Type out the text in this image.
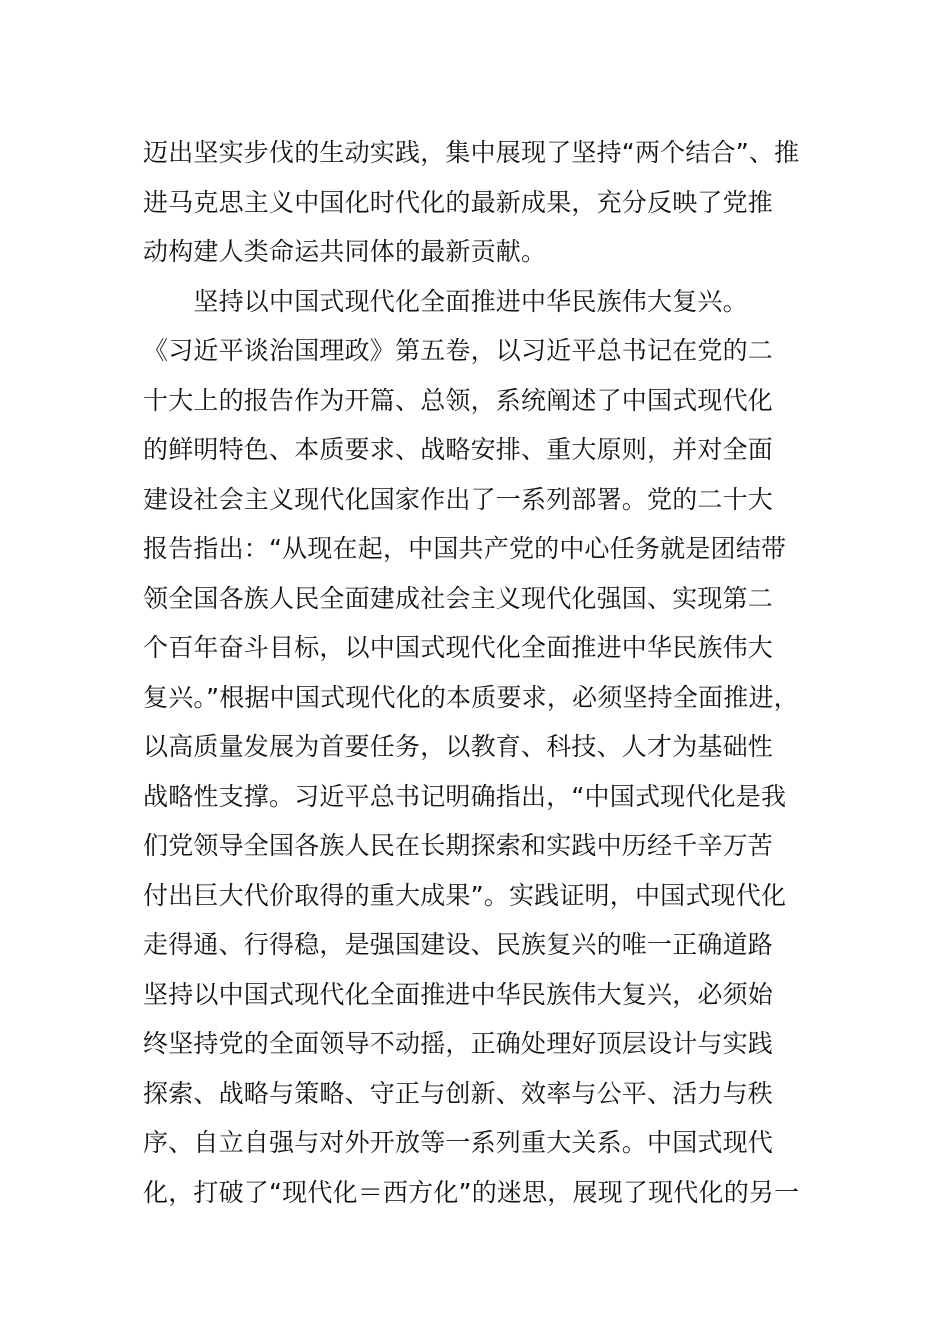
迈出坚实步伐的生动实践，集中展现了坚持“两个结合”、推
进马克思主义中国化时代化的最新成果，充分反映了党推
动构建人类命运共同体的最新贡献。
　　坚持以中国式现代化全面推进中华民族伟大复兴。
《习近平谈治国理政》第五卷，以习近平总书记在党的二
十大上的报告作为开篇、总领，系统阐述了中国式现代化
的鲜明特色、本质要求、战略安排、重大原则，并对全面
建设社会主义现代化国家作出了一系列部署。党的二十大
报告指出：“从现在起，中国共产党的中心任务就是团结带
领全国各族人民全面建成社会主义现代化强国、实现第二
个百年奋斗目标，以中国式现代化全面推进中华民族伟大
复兴。”根据中国式现代化的本质要求，必须坚持全面推进，
以高质量发展为首要任务，以教育、科技、人才为基础性
战略性支撑。习近平总书记明确指出，“中国式现代化是我
们党领导全国各族人民在长期探索和实践中历经千辛万苦
付出巨大代价取得的重大成果”。实践证明，中国式现代化
走得通、行得稳，是强国建设、民族复兴的唯一正确道路
坚持以中国式现代化全面推进中华民族伟大复兴，必须始
终坚持党的全面领导不动摇，正确处理好顶层设计与实践
探索、战略与策略、守正与创新、效率与公平、活力与秩
序、自立自强与对外开放等一系列重大关系。中国式现代
化，打破了“现代化＝西方化”的迷思，展现了现代化的另一
